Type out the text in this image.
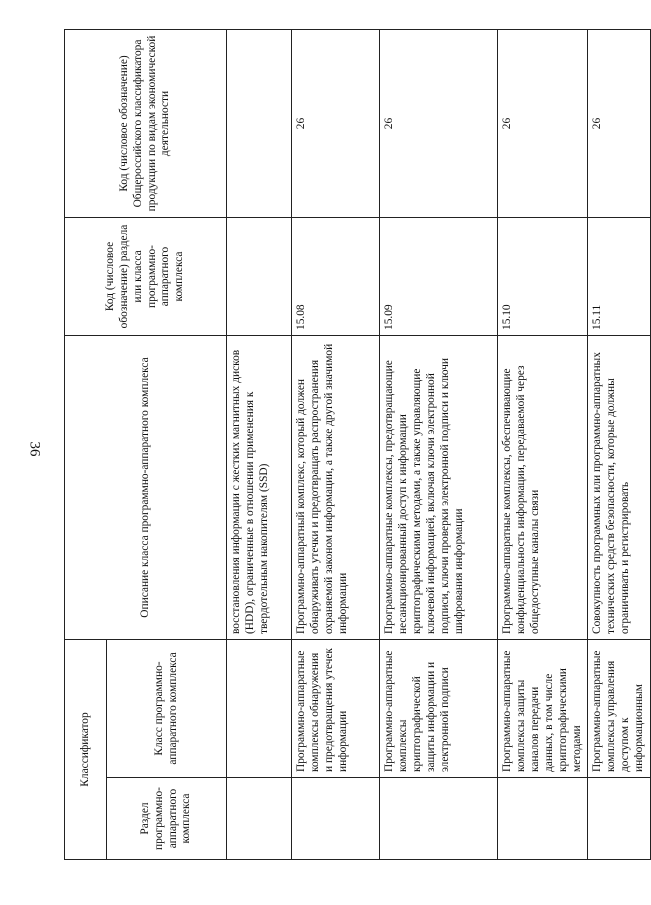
36
Классификатор		Описание класса программно-аппаратного комплекса	Код (числовое обозначение) раздела или класса программно-аппаратного комплекса	Код (числовое обозначение) Общероссийского классификатора продукции по видам экономической деятельности
Раздел программно-аппаратного комплекса	Класс программно-аппаратного комплекса			
		восстановления информации с жестких магнитных дисков (HDD), ограниченные в отношении применения к твердотельным накопителям (SSD)		
	Программно-аппаратные комплексы обнаружения и предотвращения утечек информации	Программно-аппаратный комплекс, который должен обнаруживать утечки и предотвращать распространения охраняемой законом информации, а также другой значимой информации	15.08	26
	Программно-аппаратные комплексы криптографической защиты информации и электронной подписи	Программно-аппаратные комплексы, предотвращающие несанкционированный доступ к информации криптографическими методами, а также управляющие ключевой информацией, включая ключи электронной подписи, ключи проверки электронной подписи и ключи шифрования информации	15.09	26
	Программно-аппаратные комплексы защиты каналов передачи данных, в том числе криптографическими методами	Программно-аппаратные комплексы, обеспечивающие конфиденциальность информации, передаваемой через общедоступные каналы связи	15.10	26
	Программно-аппаратные комплексы управления доступом к информационным	Совокупность программных или программно-аппаратных технических средств безопасности, которые должны ограничивать и регистрировать	15.11	26
